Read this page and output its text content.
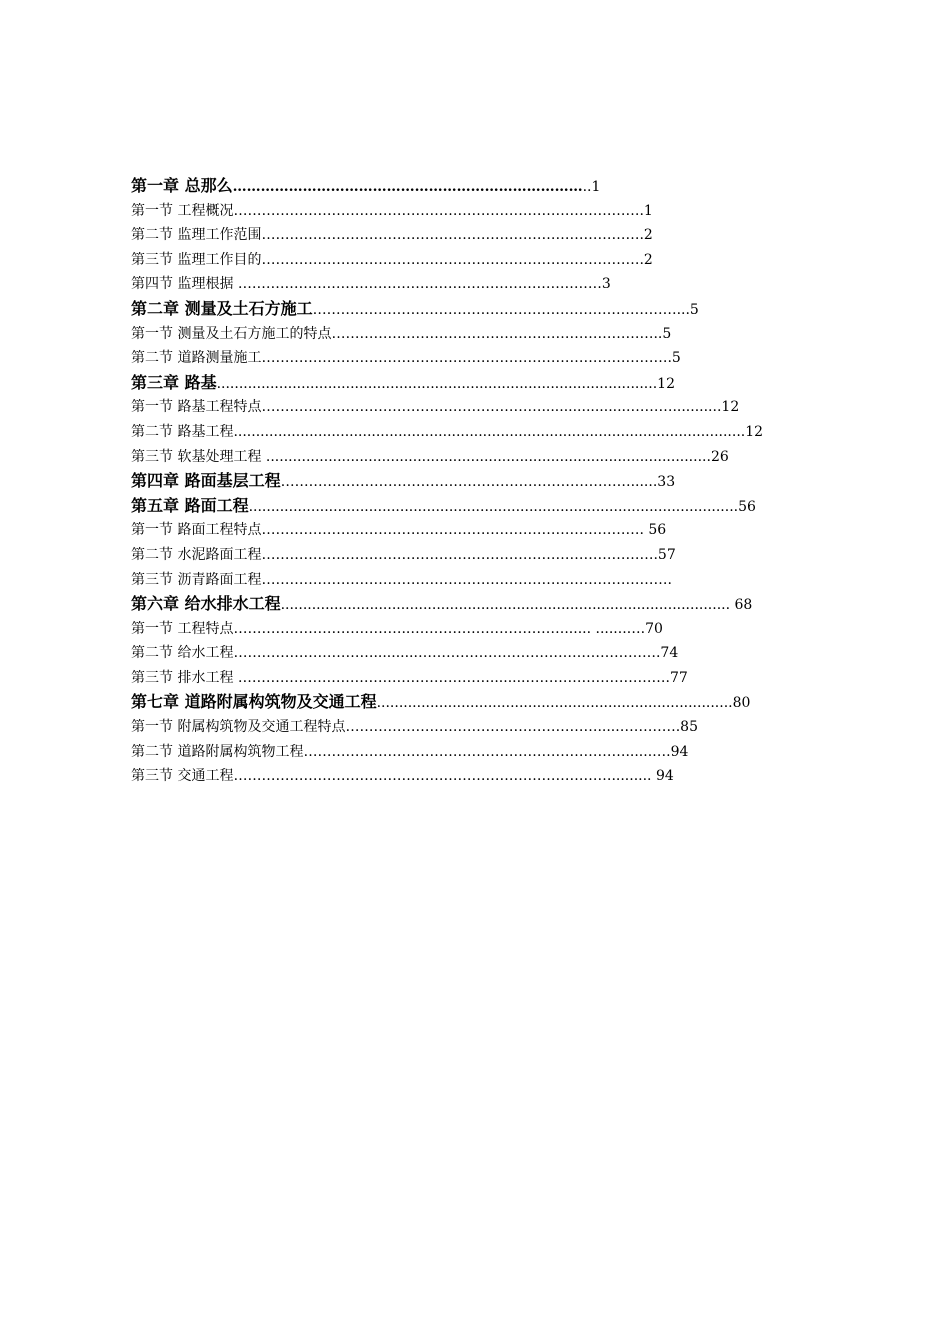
第一章 总那么…………………………………………………………………..1
第一节 工程概况…………………………………………………………………………….1
第二节 监理工作范围……………………………………………………………………….2
第三节 监理工作目的……………………………………………………………………….2
第四节 监理根据 ……………………………………………………………………3
第二章 测量及土石方施工……………………………………………………………………...5
第一节 测量及土石方施工的特点……………………………………………………………..5
第二节 道路测量施工…………………………………………………………………………….5
第三章 路基...................................................................................................12
第一节 路基工程特点……………………………………………………....................………...........12
第二节 路基工程...................................................................................................................12
第三节 软基处理工程 ....................................................................................................26
第四章 路面基层工程…………………………………………………………………......33
第五章 路面工程..............................................................................................................56
第一节 路面工程特点………………………………………………………………………. 56
第二节 水泥路面工程………………………………………………………………………….57
第三节 沥青路面工程…………………………………………………………………………….
第六章 给水排水工程..................................................................................................... 68
第一节 工程特点………………………………..……………………………...... .......….70
第二节 给水工程…………………………..........…………………………………………….74
第三节 排水工程 ………………………………………………........………………………….77
第七章 道路附属构筑物及交通工程................................................................................80
第一节 附属构筑物及交通工程特点……………………………………………….....………….85
第二节 道路附属构筑物工程……………………………………………………………......….94
第三节 交通工程………………………………………………………………………......... 94
